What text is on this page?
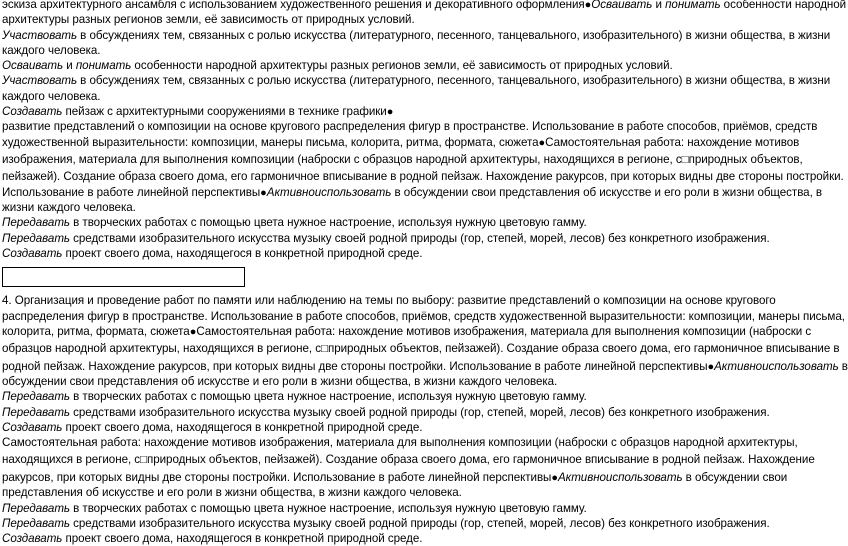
эскиза архитектурного ансамбля с использованием художественного решения и декоративного оформления●Осваивать и понимать особенности народной
архитектуры разных регионов земли, её зависимость от природных условий.
Участвовать в обсуждениях тем, связанных с ролью искусства (литературного, песенного, танцевального, изобразительного) в жизни общества, в жизни
каждого человека.
Осваивать и понимать особенности народной архитектуры разных регионов земли, её зависимость от природных условий.
Участвовать в обсуждениях тем, связанных с ролью искусства (литературного, песенного, танцевального, изобразительного) в жизни общества, в жизни
каждого человека.
Создавать пейзаж с архитектурными сооружениями в технике графики●
развитие представлений о композиции на основе кругового распределения фигур в пространстве. Использование в работе способов, приёмов, средств
художественной выразительности: композиции, манеры письма, колорита, ритма, формата, сюжета●Самостоятельная работа: нахождение мотивов
изображения, материала для выполнения композиции (наброски с образцов народной архитектуры, находящихся в регионе, с□природных объектов,
пейзажей). Создание образа своего дома, его гармоничное вписывание в родной пейзаж. Нахождение ракурсов, при которых видны две стороны постройки.
Использование в работе линейной перспективы●Активноиспользовать в обсуждении свои представления об искусстве и его роли в жизни общества, в
жизни каждого человека.
Передавать в творческих работах с помощью цвета нужное настроение, используя нужную цветовую гамму.
Передавать средствами изобразительного искусства музыку своей родной природы (гор, степей, морей, лесов) без конкретного изображения.
Создавать проект своего дома, находящегося в конкретной природной среде.
4. Организация и проведение работ по памяти или наблюдению на темы по выбору: развитие представлений о композиции на основе кругового
распределения фигур в пространстве. Использование в работе способов, приёмов, средств художественной выразительности: композиции, манеры письма,
колорита, ритма, формата, сюжета●Самостоятельная работа: нахождение мотивов изображения, материала для выполнения композиции (наброски с
образцов народной архитектуры, находящихся в регионе, с□природных объектов, пейзажей). Создание образа своего дома, его гармоничное вписывание в
родной пейзаж. Нахождение ракурсов, при которых видны две стороны постройки. Использование в работе линейной перспективы●Активноиспользовать в
обсуждении свои представления об искусстве и его роли в жизни общества, в жизни каждого человека.
Передавать в творческих работах с помощью цвета нужное настроение, используя нужную цветовую гамму.
Передавать средствами изобразительного искусства музыку своей родной природы (гор, степей, морей, лесов) без конкретного изображения.
Создавать проект своего дома, находящегося в конкретной природной среде.
Самостоятельная работа: нахождение мотивов изображения, материала для выполнения композиции (наброски с образцов народной архитектуры,
находящихся в регионе, с□природных объектов, пейзажей). Создание образа своего дома, его гармоничное вписывание в родной пейзаж. Нахождение
ракурсов, при которых видны две стороны постройки. Использование в работе линейной перспективы●Активноиспользовать в обсуждении свои
представления об искусстве и его роли в жизни общества, в жизни каждого человека.
Передавать в творческих работах с помощью цвета нужное настроение, используя нужную цветовую гамму.
Передавать средствами изобразительного искусства музыку своей родной природы (гор, степей, морей, лесов) без конкретного изображения.
Создавать проект своего дома, находящегося в конкретной природной среде.
